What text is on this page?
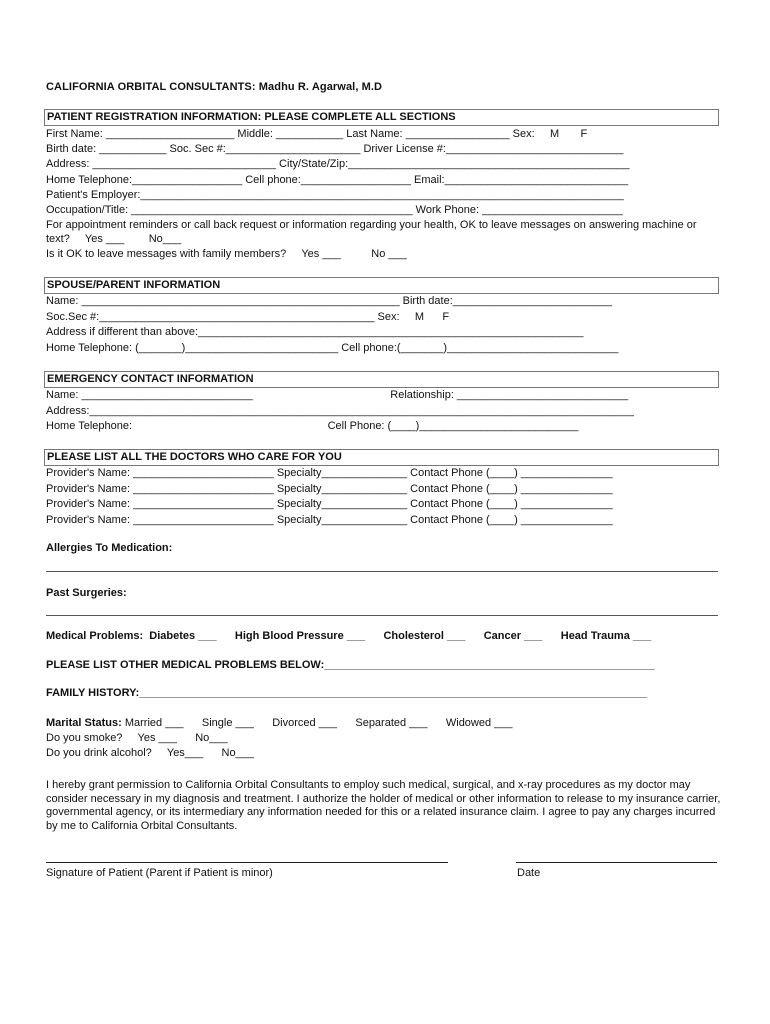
CALIFORNIA ORBITAL CONSULTANTS: Madhu R. Agarwal, M.D
PATIENT REGISTRATION INFORMATION: PLEASE COMPLETE ALL SECTIONS
First Name: _____________________ Middle: ___________ Last Name: _________________ Sex:     M       F
Birth date: ___________ Soc. Sec #:______________________ Driver License #:_____________________________
Address: ______________________________ City/State/Zip:______________________________________________
Home Telephone:__________________ Cell phone:__________________ Email:______________________________
Patient's Employer:_______________________________________________________________________________
Occupation/Title: ______________________________________________ Work Phone: _______________________
For appointment reminders or call back request or information regarding your health, OK to leave messages on answering machine or
text?     Yes ___        No___
Is it OK to leave messages with family members?     Yes ___          No ___
SPOUSE/PARENT INFORMATION
Name: ____________________________________________________ Birth date:__________________________
Soc.Sec #:_____________________________________________ Sex:     M      F
Address if different than above:_______________________________________________________________
Home Telephone: (_______)_________________________ Cell phone:(_______)____________________________
EMERGENCY CONTACT INFORMATION
Name: ____________________________                                             Relationship: ____________________________
Address:_________________________________________________________________________________________
Home Telephone:                                                                Cell Phone: (____)__________________________
PLEASE LIST ALL THE DOCTORS WHO CARE FOR YOU
Provider's Name: _______________________ Specialty______________ Contact Phone (____) _______________
Provider's Name: _______________________ Specialty______________ Contact Phone (____) _______________
Provider's Name: _______________________ Specialty______________ Contact Phone (____) _______________
Provider's Name: _______________________ Specialty______________ Contact Phone (____) _______________
Allergies To Medication:
Past Surgeries:
Medical Problems:  Diabetes ___      High Blood Pressure ___      Cholesterol ___      Cancer ___      Head Trauma ___
PLEASE LIST OTHER MEDICAL PROBLEMS BELOW:______________________________________________________
FAMILY HISTORY:___________________________________________________________________________________
Marital Status: Married ___      Single ___      Divorced ___      Separated ___      Widowed ___
Do you smoke?     Yes ___      No___
Do you drink alcohol?     Yes___      No___
I hereby grant permission to California Orbital Consultants to employ such medical, surgical, and x-ray procedures as my doctor may consider necessary in my diagnosis and treatment. I authorize the holder of medical or other information to release to my insurance carrier, governmental agency, or its intermediary any information needed for this or a related insurance claim. I agree to pay any charges incurred by me to California Orbital Consultants.
Signature of Patient (Parent if Patient is minor)	Date
